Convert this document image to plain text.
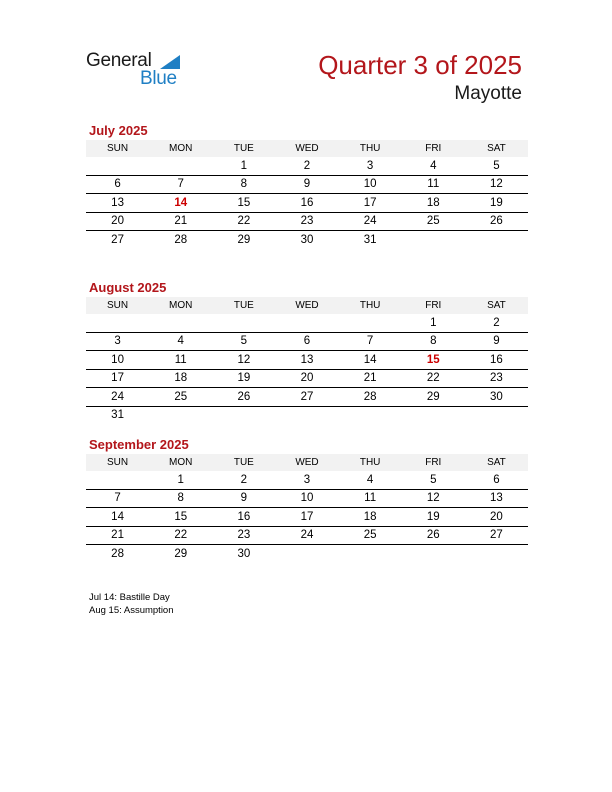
General
Blue	Quarter 3 of 2025
Mayotte
July 2025
SUN	MON	TUE	WED	THU	FRI	SAT
		1	2	3	4	5
6	7	8	9	10	11	12
13	14	15	16	17	18	19
20	21	22	23	24	25	26
27	28	29	30	31		
August 2025
SUN	MON	TUE	WED	THU	FRI	SAT
					1	2
3	4	5	6	7	8	9
10	11	12	13	14	15	16
17	18	19	20	21	22	23
24	25	26	27	28	29	30
31						
September 2025
SUN	MON	TUE	WED	THU	FRI	SAT
	1	2	3	4	5	6
7	8	9	10	11	12	13
14	15	16	17	18	19	20
21	22	23	24	25	26	27
28	29	30				
Jul 14: Bastille Day
Aug 15: Assumption
